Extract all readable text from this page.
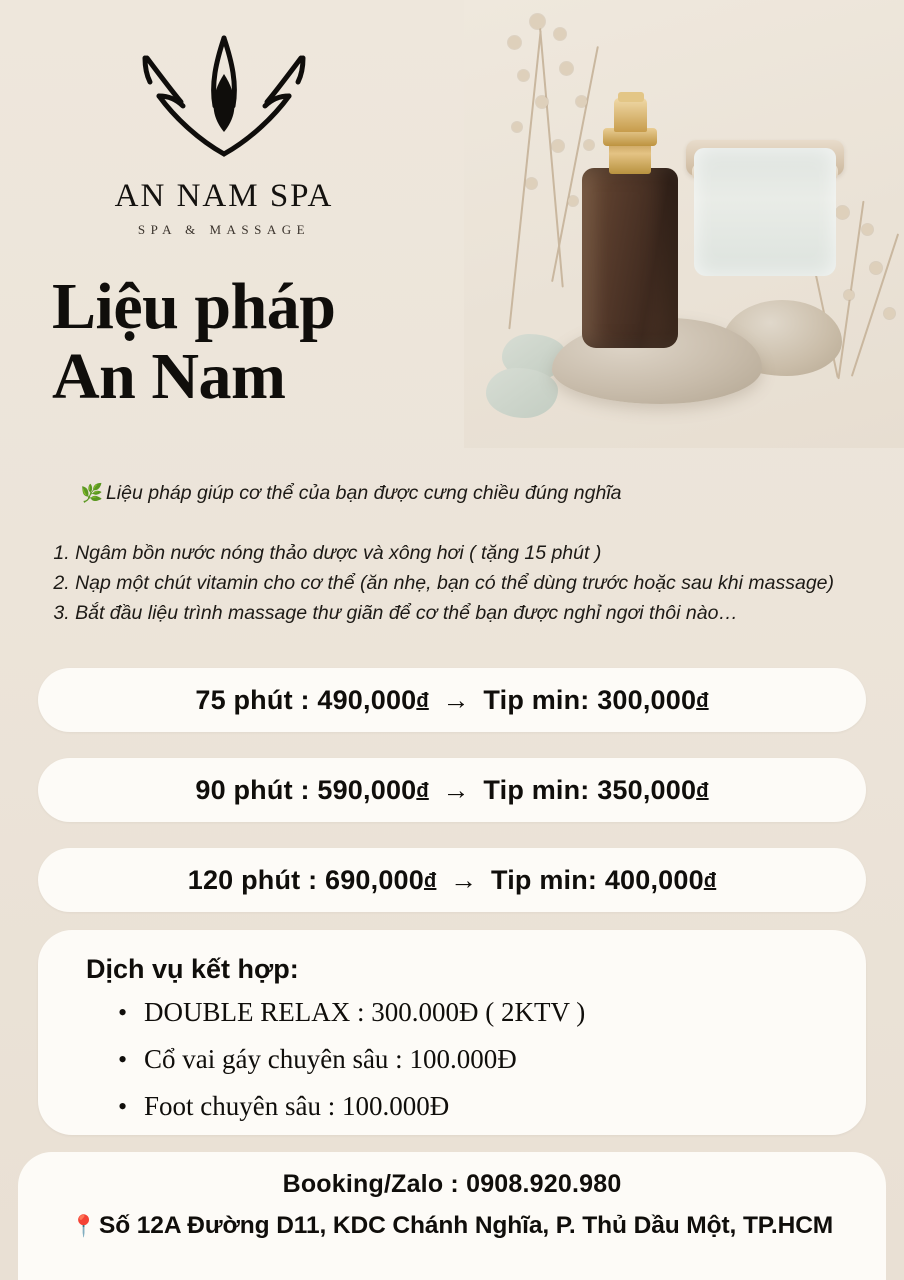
AN NAM SPA
SPA & MASSAGE
Liệu pháp
An Nam

🌿 Liệu pháp giúp cơ thể của bạn được cưng chiều đúng nghĩa

1. Ngâm bồn nước nóng thảo dược và xông hơi ( tặng 15 phút )
2. Nạp một chút vitamin cho cơ thể (ăn nhẹ, bạn có thể dùng trước hoặc sau khi massage)
3. Bắt đầu liệu trình massage thư giãn để cơ thể bạn được nghỉ ngơi thôi nào…
75 phút : 490,000đ → Tip min: 300,000đ
90 phút : 590,000đ → Tip min: 350,000đ
120 phút : 690,000đ → Tip min: 400,000đ
Dịch vụ kết hợp:
• DOUBLE RELAX : 300.000Đ ( 2KTV )
• Cổ vai gáy chuyên sâu : 100.000Đ
• Foot chuyên sâu : 100.000Đ
Booking/Zalo : 0908.920.980
📍Số 12A Đường D11, KDC Chánh Nghĩa, P. Thủ Dầu Một, TP.HCM
